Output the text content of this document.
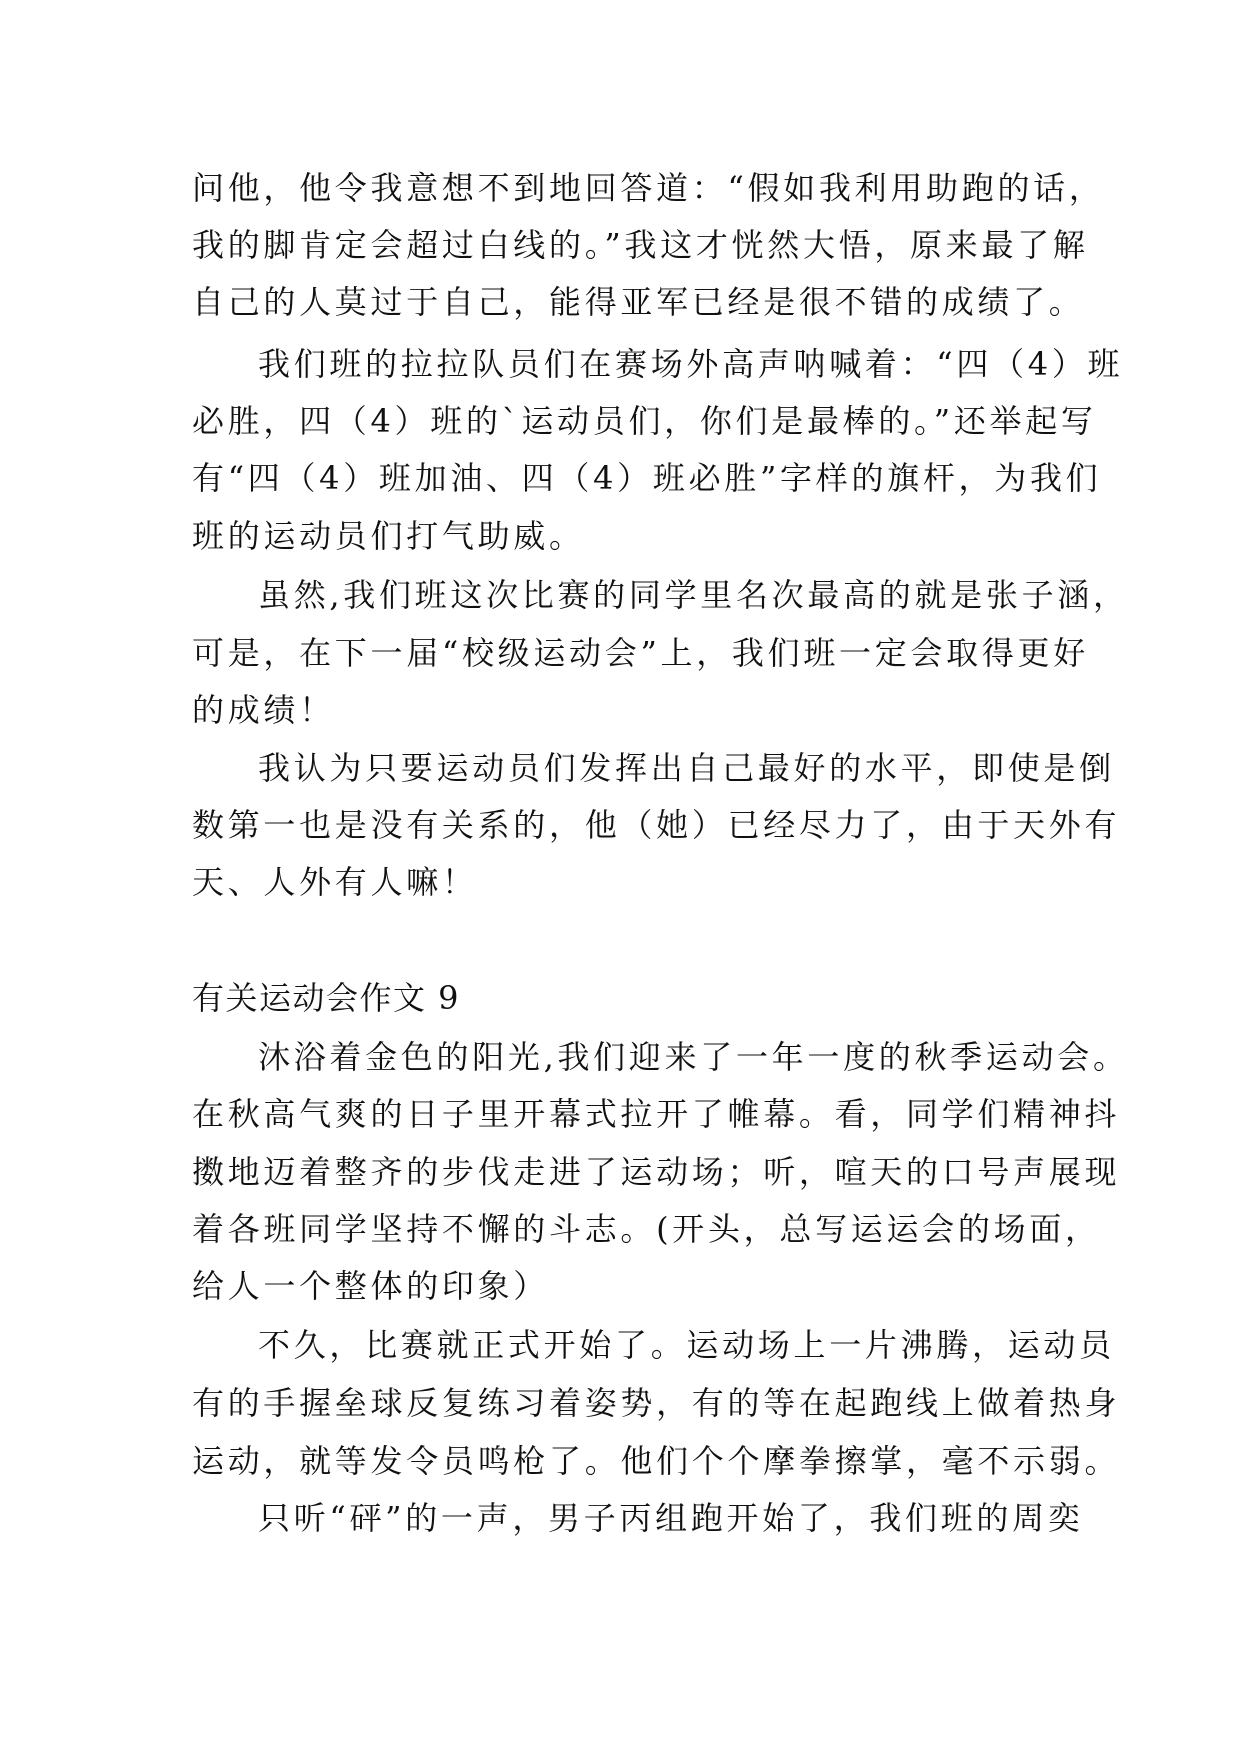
问他，他令我意想不到地回答道：“假如我利用助跑的话，
我的脚肯定会超过白线的。”我这才恍然大悟，原来最了解
自己的人莫过于自己，能得亚军已经是很不错的成绩了。
我们班的拉拉队员们在赛场外高声呐喊着：“四（4）班
必胜，四（4）班的`运动员们，你们是最棒的。”还举起写
有“四（4）班加油、四（4）班必胜”字样的旗杆，为我们
班的运动员们打气助威。
虽然,我们班这次比赛的同学里名次最高的就是张子涵，
可是，在下一届“校级运动会”上，我们班一定会取得更好
的成绩！
我认为只要运动员们发挥出自己最好的水平，即使是倒
数第一也是没有关系的，他（她）已经尽力了，由于天外有
天、人外有人嘛！
有关运动会作文 9
沐浴着金色的阳光,我们迎来了一年一度的秋季运动会。
在秋高气爽的日子里开幕式拉开了帷幕。看，同学们精神抖
擞地迈着整齐的步伐走进了运动场；听，喧天的口号声展现
着各班同学坚持不懈的斗志。(开头，总写运运会的场面，
给人一个整体的印象）
不久，比赛就正式开始了。运动场上一片沸腾，运动员
有的手握垒球反复练习着姿势，有的等在起跑线上做着热身
运动，就等发令员鸣枪了。他们个个摩拳擦掌，毫不示弱。
只听“砰”的一声，男子丙组跑开始了，我们班的周奕
